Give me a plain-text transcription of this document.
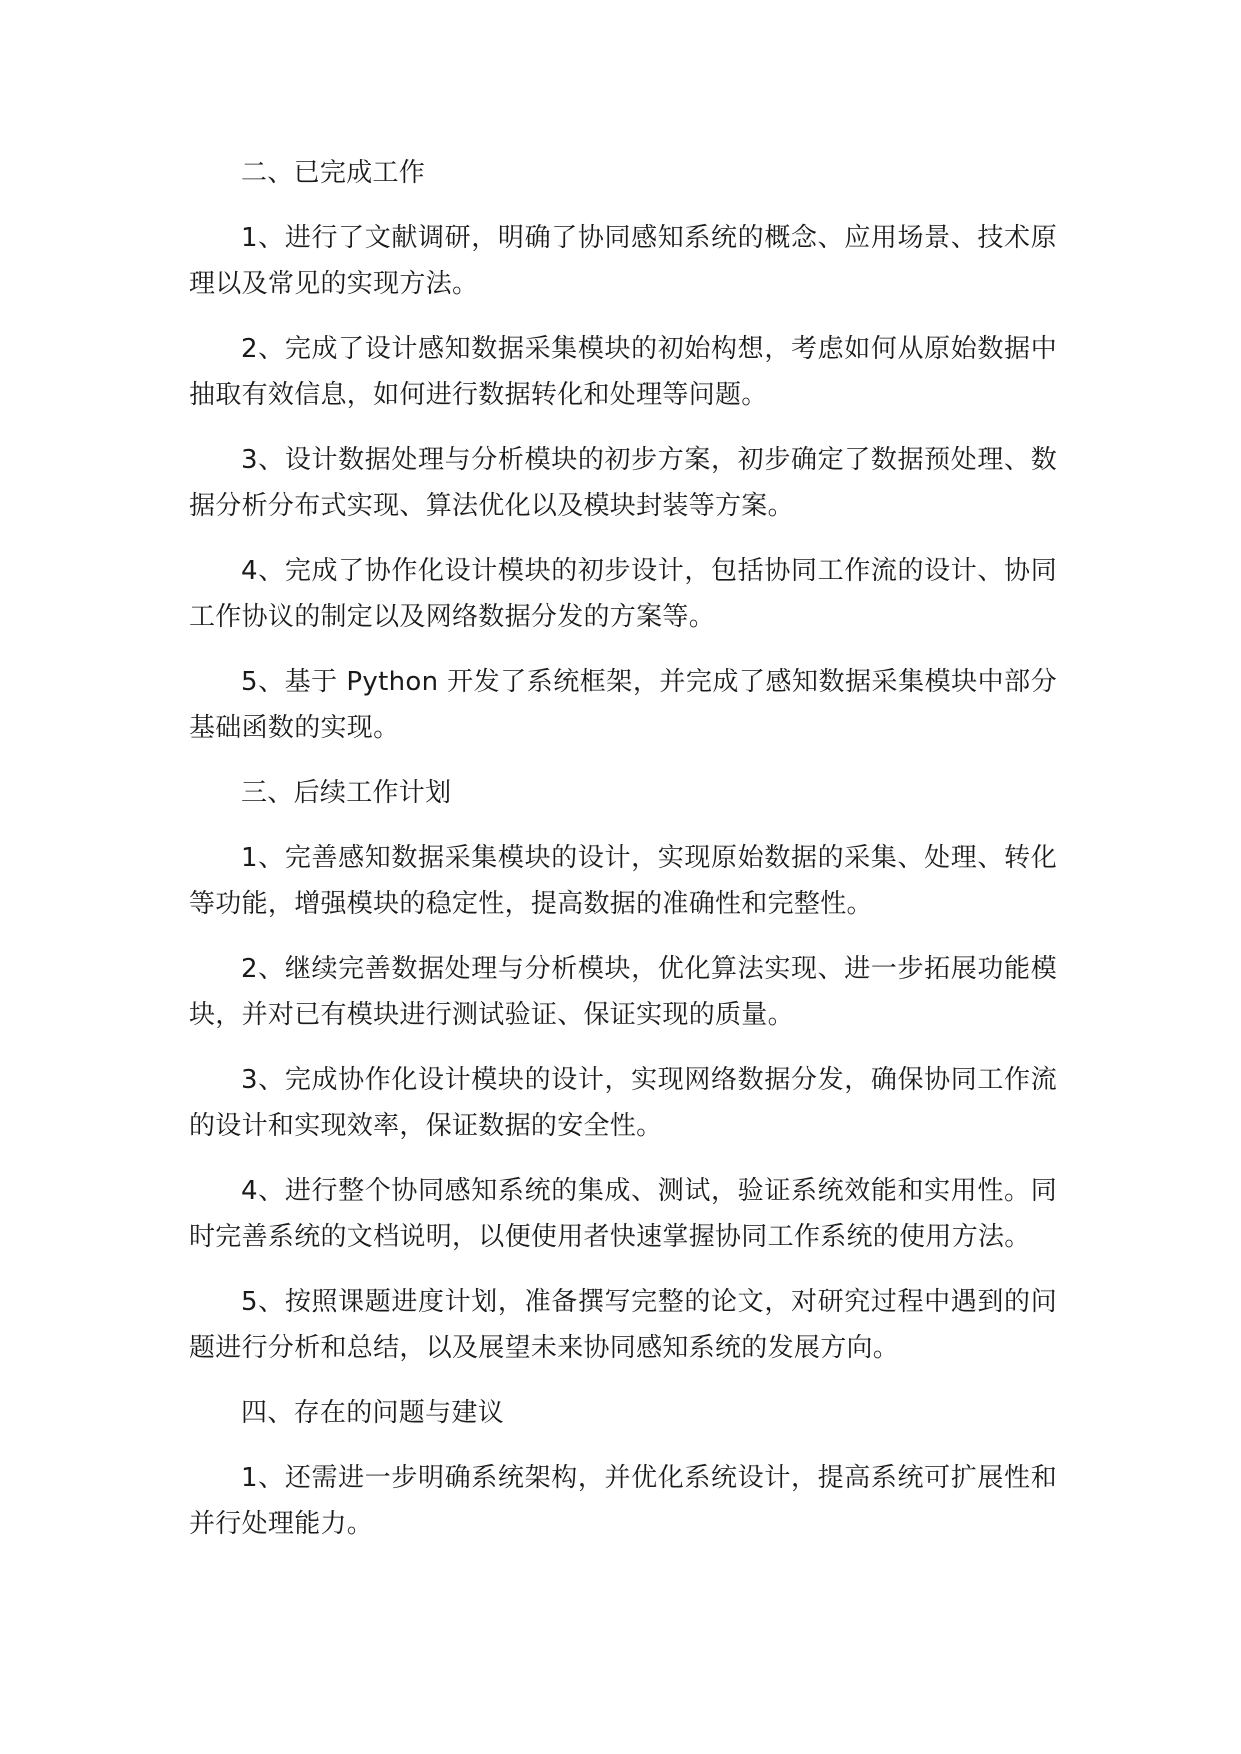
二、已完成工作

1、进行了文献调研，明确了协同感知系统的概念、应用场景、技术原理以及常见的实现方法。

2、完成了设计感知数据采集模块的初始构想，考虑如何从原始数据中抽取有效信息，如何进行数据转化和处理等问题。

3、设计数据处理与分析模块的初步方案，初步确定了数据预处理、数据分析分布式实现、算法优化以及模块封装等方案。

4、完成了协作化设计模块的初步设计，包括协同工作流的设计、协同工作协议的制定以及网络数据分发的方案等。

5、基于 Python 开发了系统框架，并完成了感知数据采集模块中部分基础函数的实现。

三、后续工作计划

1、完善感知数据采集模块的设计，实现原始数据的采集、处理、转化等功能，增强模块的稳定性，提高数据的准确性和完整性。

2、继续完善数据处理与分析模块，优化算法实现、进一步拓展功能模块，并对已有模块进行测试验证、保证实现的质量。

3、完成协作化设计模块的设计，实现网络数据分发，确保协同工作流的设计和实现效率，保证数据的安全性。

4、进行整个协同感知系统的集成、测试，验证系统效能和实用性。同时完善系统的文档说明，以便使用者快速掌握协同工作系统的使用方法。

5、按照课题进度计划，准备撰写完整的论文，对研究过程中遇到的问题进行分析和总结，以及展望未来协同感知系统的发展方向。

四、存在的问题与建议

1、还需进一步明确系统架构，并优化系统设计，提高系统可扩展性和并行处理能力。
